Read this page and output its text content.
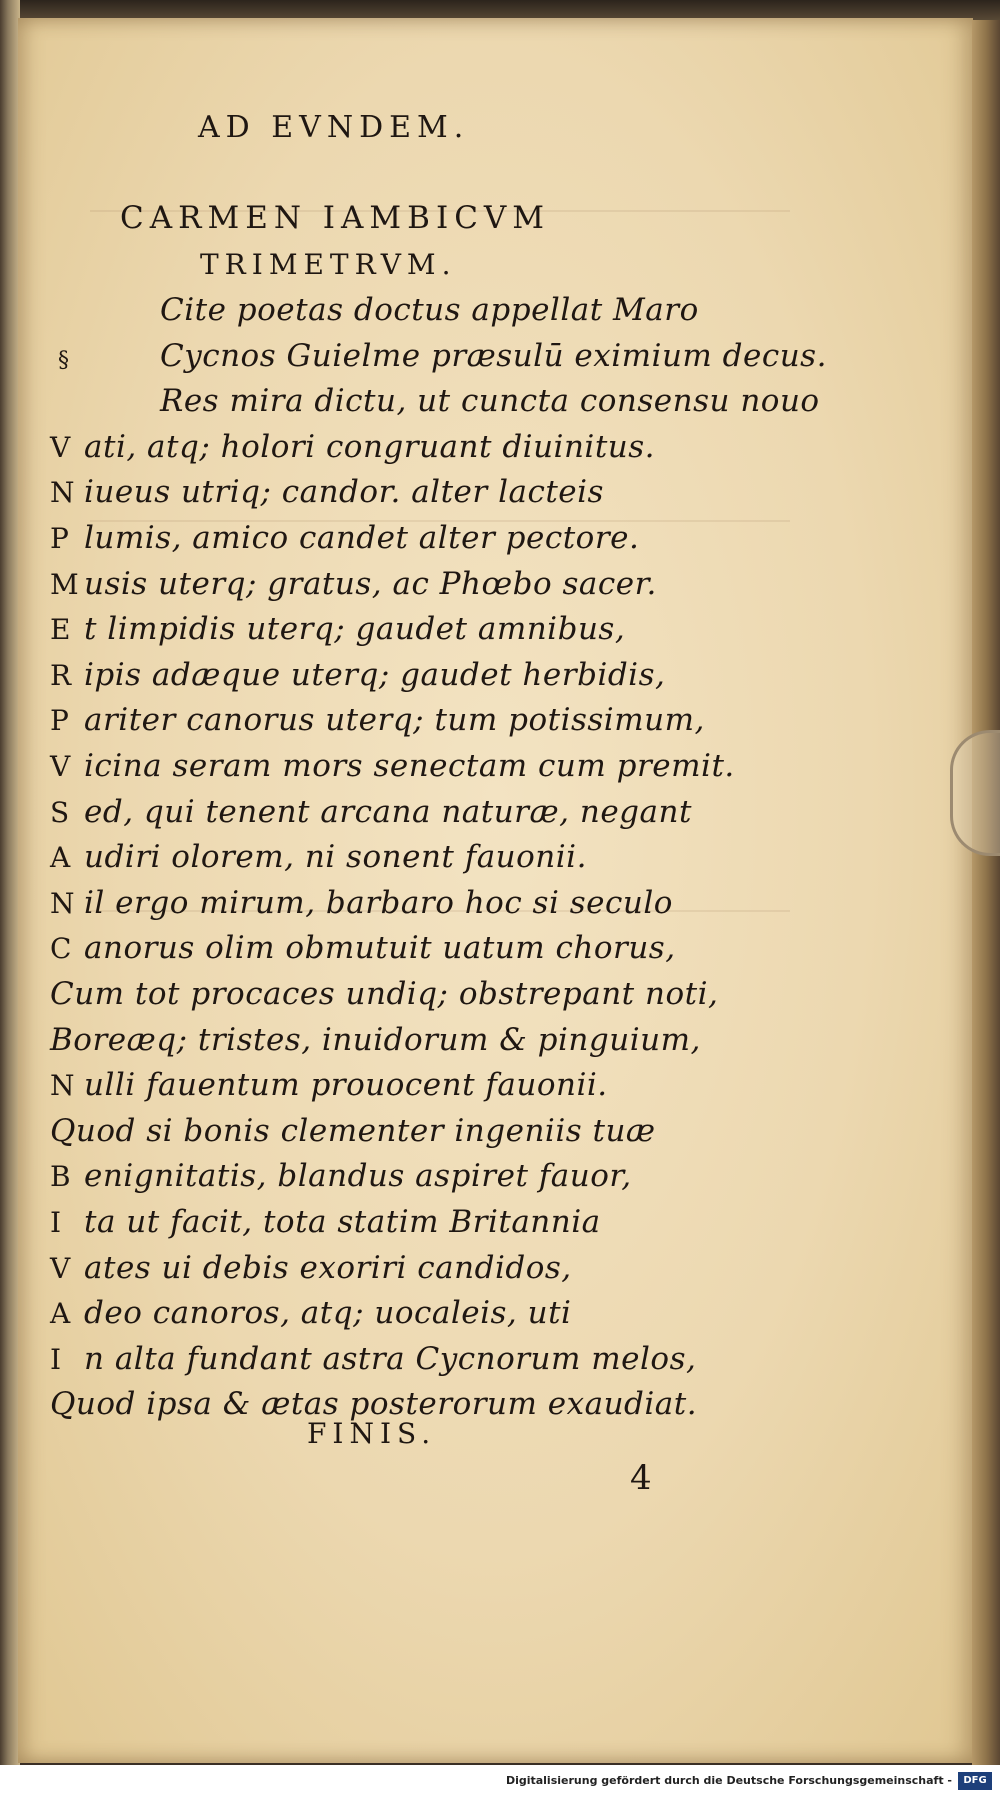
AD EVNDEM.
CARMEN IAMBICVM
TRIMETRVM.
§
Cite poetas doctus appellat Maro
Cycnos Guielme præsulū eximium decus.
Res mira dictu, ut cuncta consensu nouo
V ati, atq; holori congruant diuinitus.
N iueus utriq; candor. alter lacteis
P lumis, amico candet alter pectore.
M usis uterq; gratus, ac Phœbo sacer.
E t limpidis uterq; gaudet amnibus,
R ipis adæque uterq; gaudet herbidis,
P ariter canorus uterq; tum potissimum,
V icina seram mors senectam cum premit.
S ed, qui tenent arcana naturæ, negant
A udiri olorem, ni sonent fauonii.
N il ergo mirum, barbaro hoc si seculo
C anorus olim obmutuit uatum chorus,
Cum tot procaces undiq; obstrepant noti,
Boreæq; tristes, inuidorum & pinguium,
N ulli fauentum prouocent fauonii.
Quod si bonis clementer ingeniis tuæ
B enignitatis, blandus aspiret fauor,
I ta ut facit, tota statim Britannia
V ates ui debis exoriri candidos,
A deo canoros, atq; uocaleis, uti
I n alta fundant astra Cycnorum melos,
Quod ipsa & ætas posterorum exaudiat.
FINIS.
4
Digitalisierung gefördert durch die Deutsche Forschungsgemeinschaft -	DFG
